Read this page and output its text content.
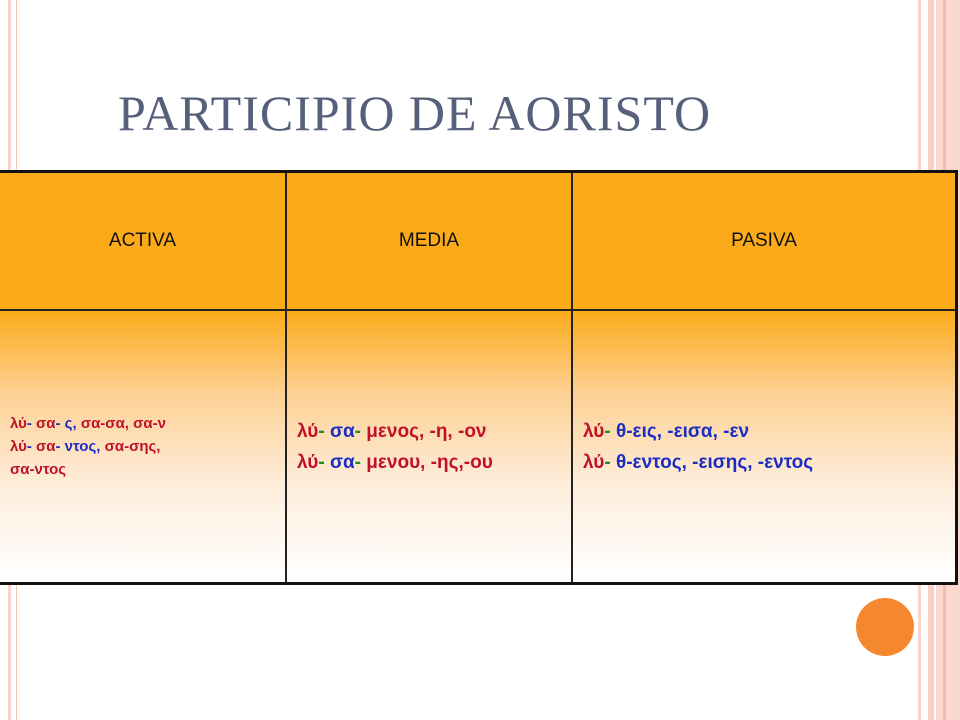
PARTICIPIO DE AORISTO
ACTIVA	MEDIA	PASIVA
λύ- σα- ς, σα-σα, σα-ν
λύ- σα- ντος, σα-σης,
σα-ντος
λύ- σα- μενος, -η, -ον
λύ- σα- μενου, -ης,-ου
λύ- θ-εις, -εισα, -εν
λύ- θ-εντος, -εισης, -εντος
